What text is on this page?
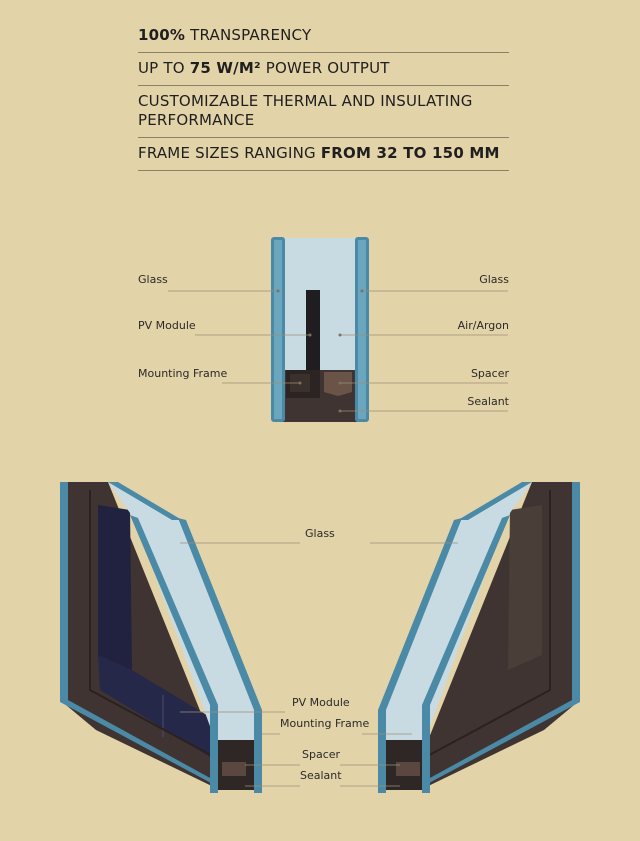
100% TRANSPARENCY
UP TO 75 W/M² POWER OUTPUT
CUSTOMIZABLE THERMAL AND INSULATING PERFORMANCE
FRAME SIZES RANGING FROM 32 TO 150 MM
Glass
PV Module
Mounting Frame
Glass
Air/Argon
Spacer
Sealant
Glass
PV Module
Mounting Frame
Spacer
Sealant
